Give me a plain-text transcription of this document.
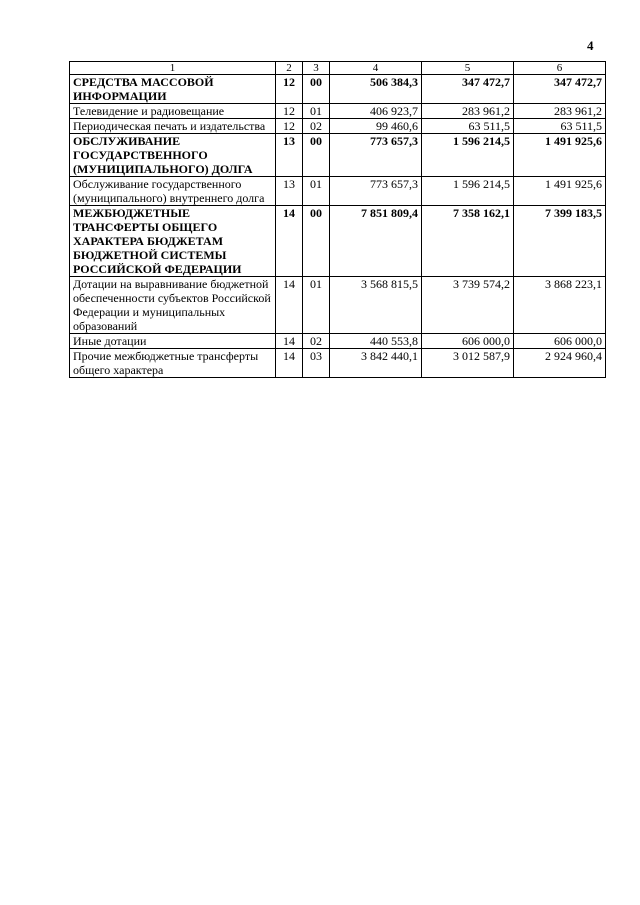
4
1	2	3	4	5	6
СРЕДСТВА МАССОВОЙ ИНФОРМАЦИИ	12	00	506 384,3	347 472,7	347 472,7
Телевидение и радиовещание	12	01	406 923,7	283 961,2	283 961,2
Периодическая печать и издательства	12	02	99 460,6	63 511,5	63 511,5
ОБСЛУЖИВАНИЕ ГОСУДАРСТВЕННОГО (МУНИЦИПАЛЬНОГО) ДОЛГА	13	00	773 657,3	1 596 214,5	1 491 925,6
Обслуживание государственного (муниципального) внутреннего долга	13	01	773 657,3	1 596 214,5	1 491 925,6
МЕЖБЮДЖЕТНЫЕ ТРАНСФЕРТЫ ОБЩЕГО ХАРАКТЕРА БЮДЖЕТАМ БЮДЖЕТНОЙ СИСТЕМЫ РОССИЙСКОЙ ФЕДЕРАЦИИ	14	00	7 851 809,4	7 358 162,1	7 399 183,5
Дотации на выравнивание бюджетной обеспеченности субъектов Российской Федерации и муниципальных образований	14	01	3 568 815,5	3 739 574,2	3 868 223,1
Иные дотации	14	02	440 553,8	606 000,0	606 000,0
Прочие межбюджетные трансферты общего характера	14	03	3 842 440,1	3 012 587,9	2 924 960,4
